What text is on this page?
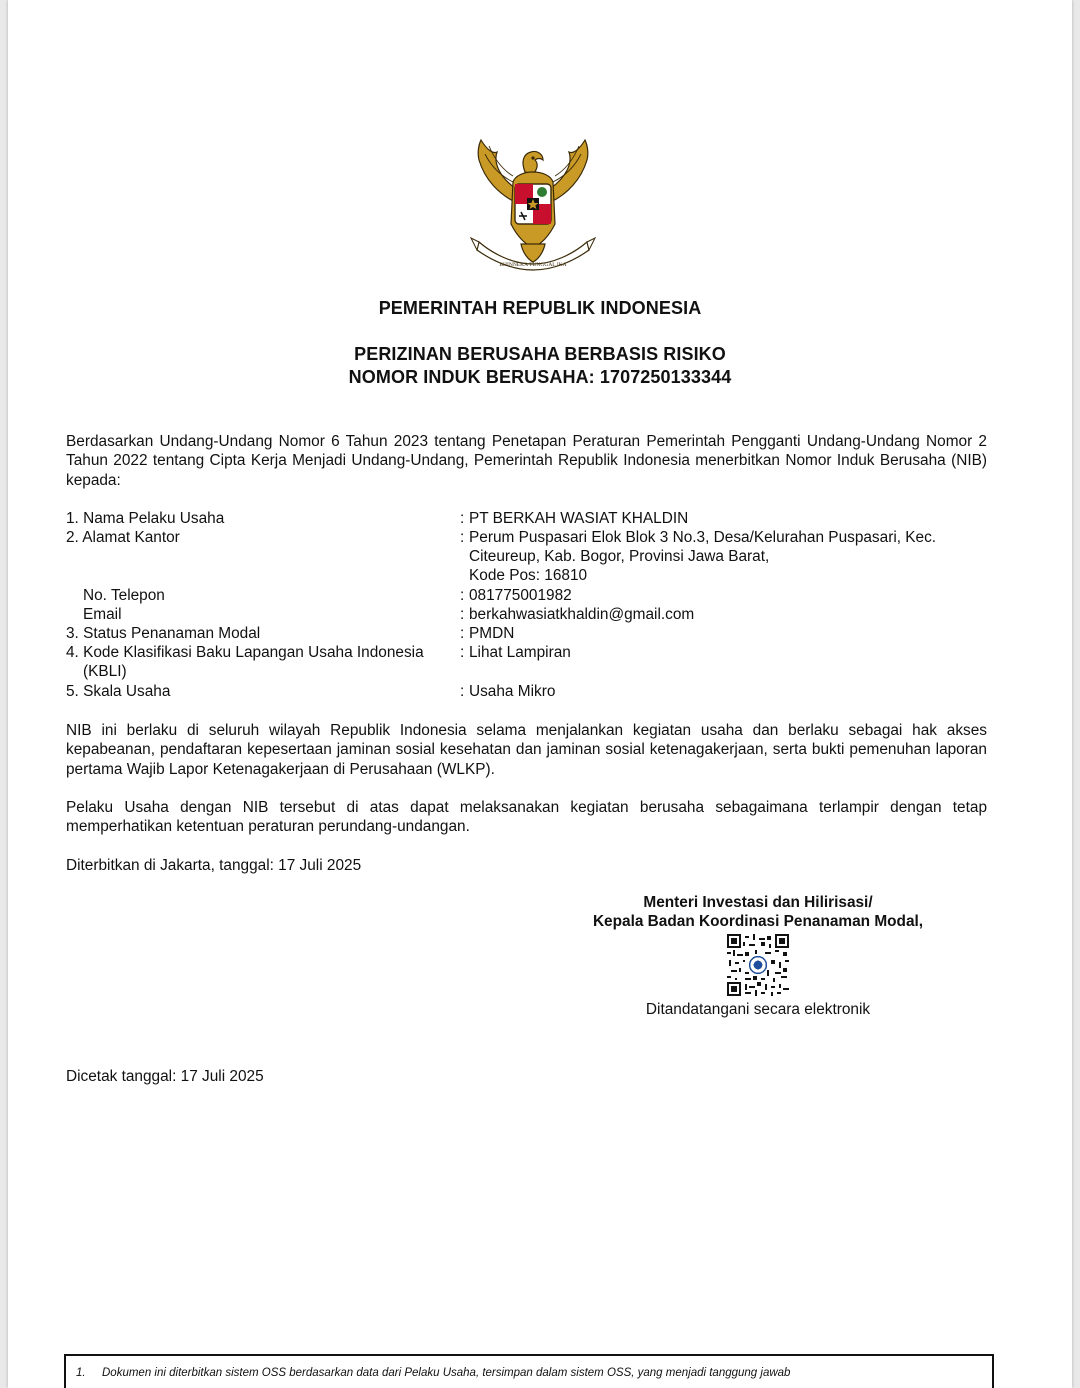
BHINNEKA TUNGGAL IKA
PEMERINTAH REPUBLIK INDONESIA
PERIZINAN BERUSAHA BERBASIS RISIKO
NOMOR INDUK BERUSAHA: 1707250133344
Berdasarkan Undang-Undang Nomor 6 Tahun 2023 tentang Penetapan Peraturan Pemerintah Pengganti Undang-Undang Nomor 2 Tahun 2022 tentang Cipta Kerja Menjadi Undang-Undang, Pemerintah Republik Indonesia menerbitkan Nomor Induk Berusaha (NIB) kepada:
1. Nama Pelaku Usaha	: PT BERKAH WASIAT KHALDIN
2. Alamat Kantor	: Perum Puspasari Elok Blok 3 No.3, Desa/Kelurahan Puspasari, Kec.
Citeureup, Kab. Bogor, Provinsi Jawa Barat,
Kode Pos: 16810
No. Telepon	: 081775001982
Email	: berkahwasiatkhaldin@gmail.com
3. Status Penanaman Modal	: PMDN
4. Kode Klasifikasi Baku Lapangan Usaha Indonesia : Lihat Lampiran
(KBLI)
5. Skala Usaha	: Usaha Mikro
NIB ini berlaku di seluruh wilayah Republik Indonesia selama menjalankan kegiatan usaha dan berlaku sebagai hak akses kepabeanan, pendaftaran kepesertaan jaminan sosial kesehatan dan jaminan sosial ketenagakerjaan, serta bukti pemenuhan laporan pertama Wajib Lapor Ketenagakerjaan di Perusahaan (WLKP).
Pelaku Usaha dengan NIB tersebut di atas dapat melaksanakan kegiatan berusaha sebagaimana terlampir dengan tetap memperhatikan ketentuan peraturan perundang-undangan.
Diterbitkan di Jakarta, tanggal: 17 Juli 2025
Menteri Investasi dan Hilirisasi/
Kepala Badan Koordinasi Penanaman Modal,
Ditandatangani secara elektronik
Dicetak tanggal: 17 Juli 2025
1. Dokumen ini diterbitkan sistem OSS berdasarkan data dari Pelaku Usaha, tersimpan dalam sistem OSS, yang menjadi tanggung jawab
